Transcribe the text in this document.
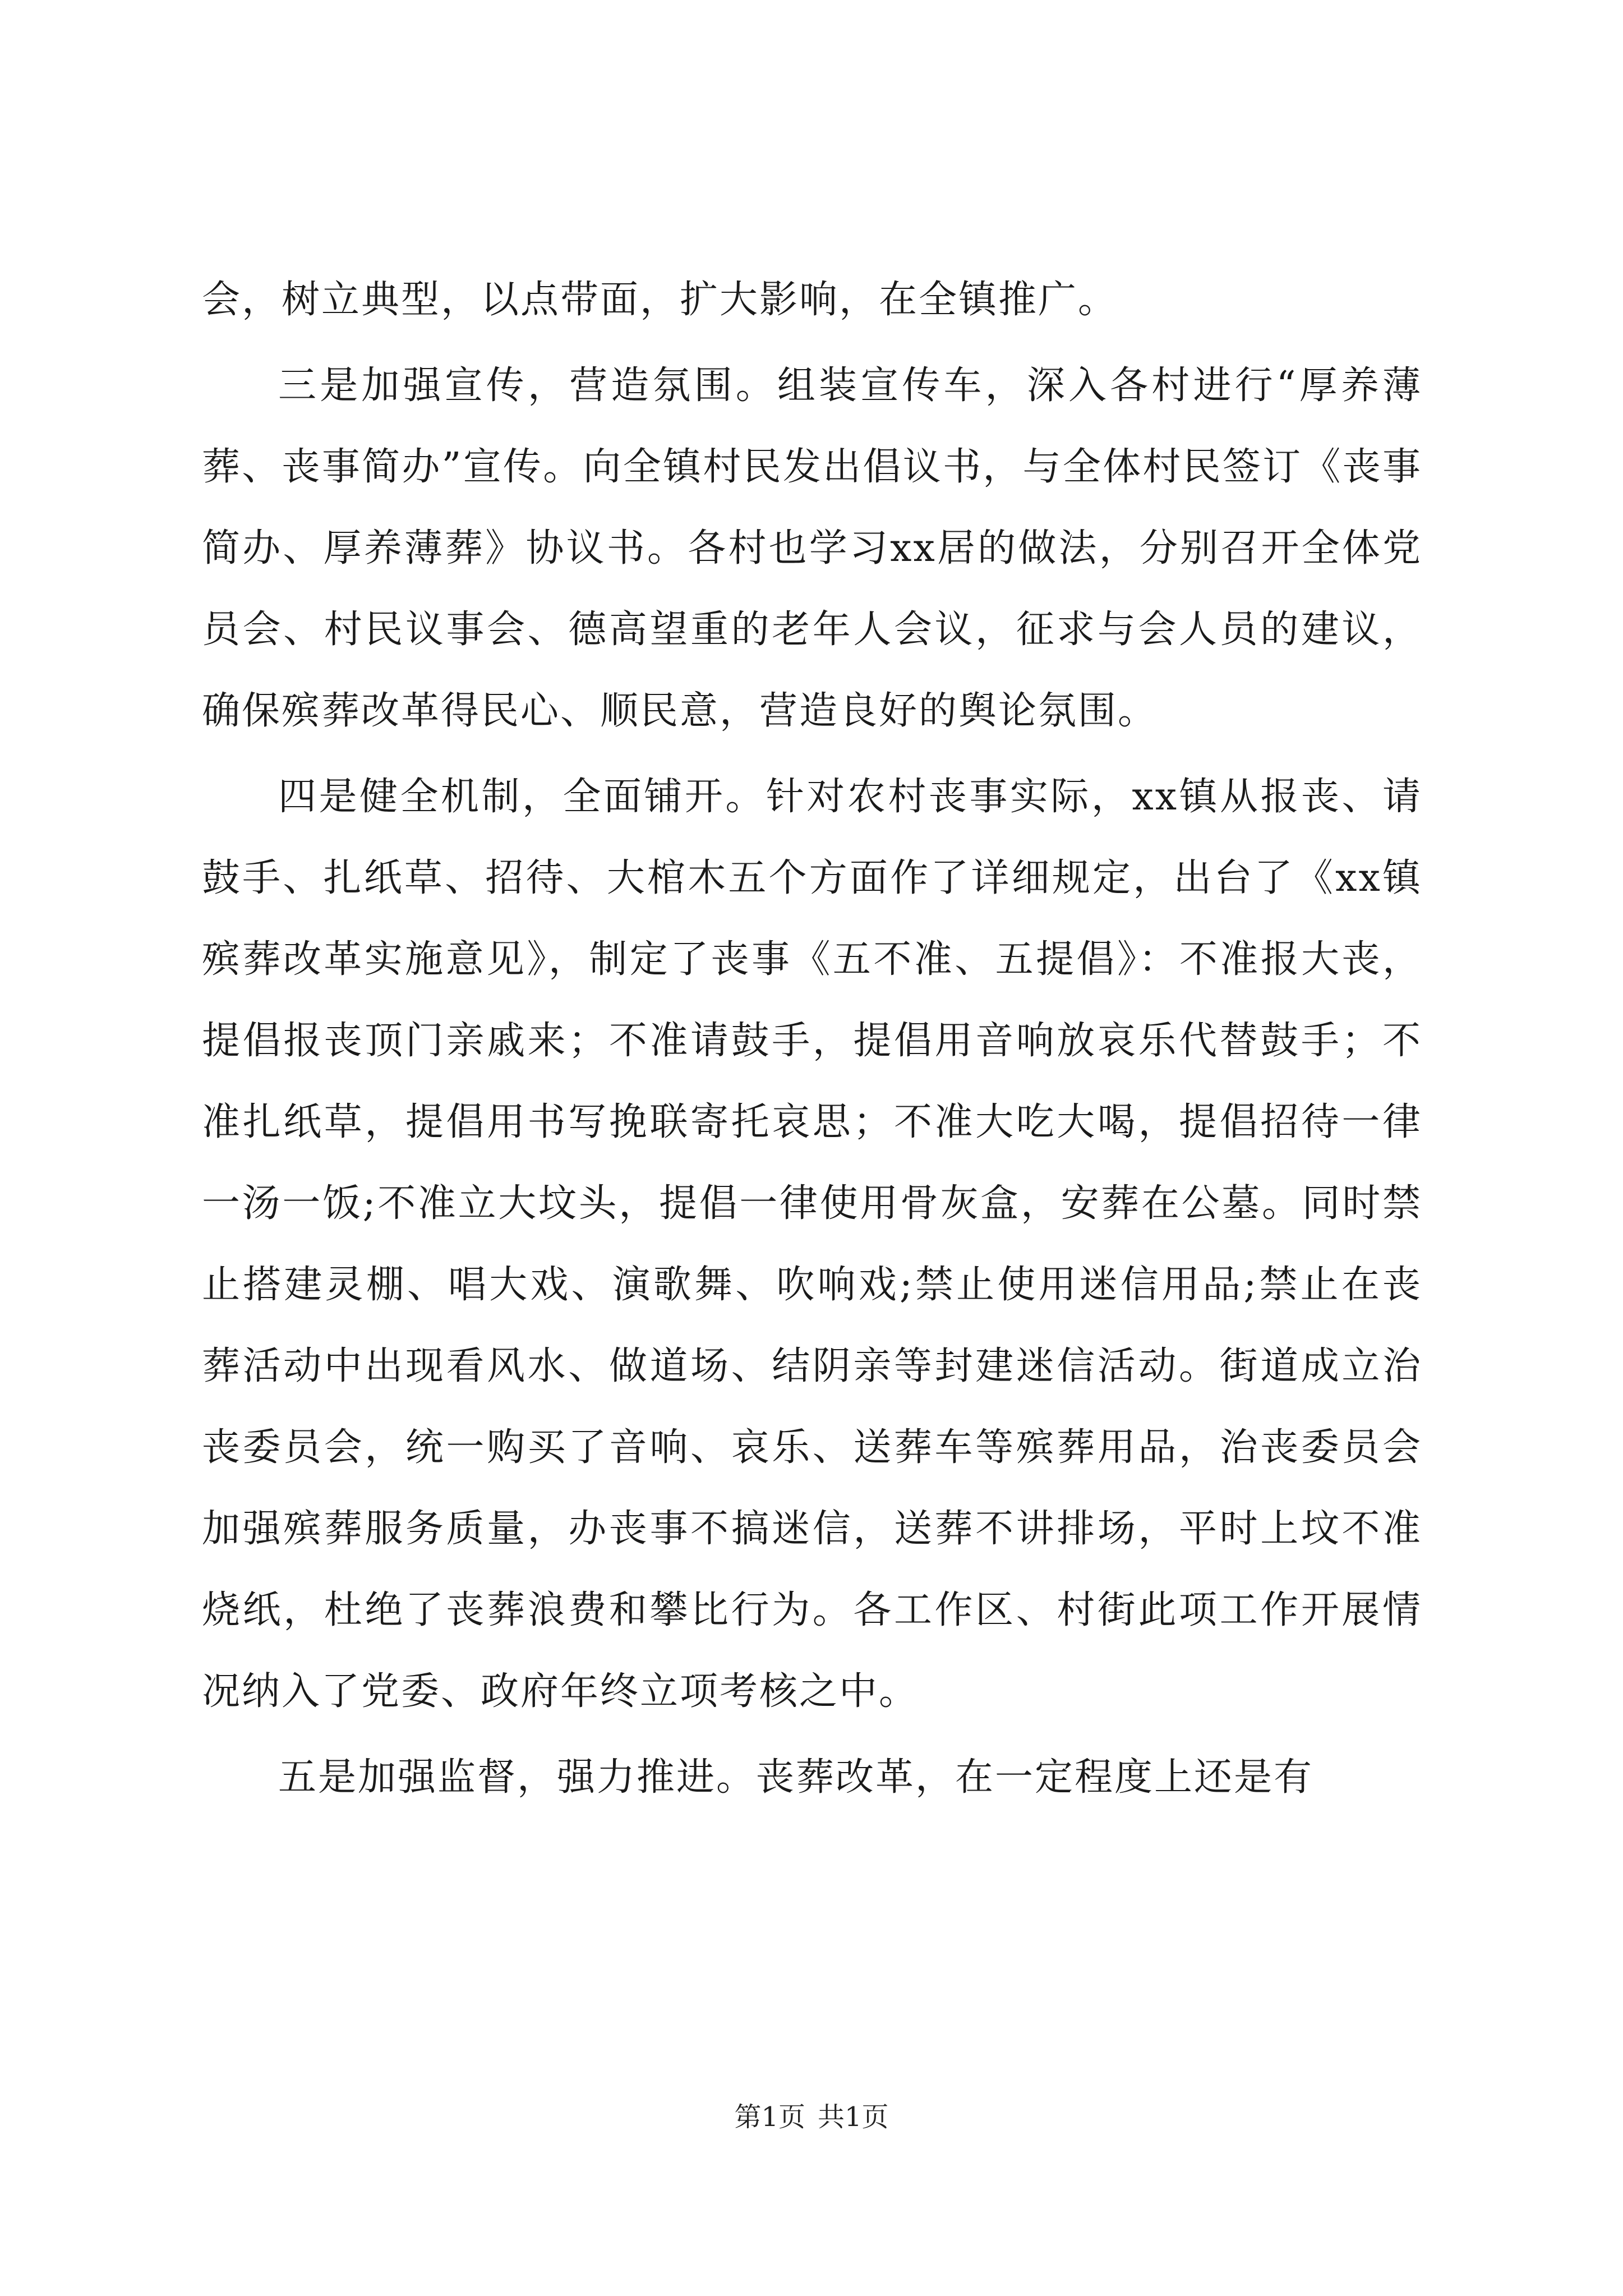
会，树立典型，以点带面，扩大影响，在全镇推广。

三是加强宣传，营造氛围。组装宣传车，深入各村进行“厚养薄葬、丧事简办”宣传。向全镇村民发出倡议书，与全体村民签订《丧事简办、厚养薄葬》协议书。各村也学习xx居的做法，分别召开全体党员会、村民议事会、德高望重的老年人会议，征求与会人员的建议，确保殡葬改革得民心、顺民意，营造良好的舆论氛围。

四是健全机制，全面铺开。针对农村丧事实际，xx镇从报丧、请鼓手、扎纸草、招待、大棺木五个方面作了详细规定，出台了《xx镇殡葬改革实施意见》，制定了丧事《五不准、五提倡》：不准报大丧，提倡报丧顶门亲戚来；不准请鼓手，提倡用音响放哀乐代替鼓手；不准扎纸草，提倡用书写挽联寄托哀思；不准大吃大喝，提倡招待一律一汤一饭;不准立大坟头，提倡一律使用骨灰盒，安葬在公墓。同时禁止搭建灵棚、唱大戏、演歌舞、吹响戏;禁止使用迷信用品;禁止在丧葬活动中出现看风水、做道场、结阴亲等封建迷信活动。街道成立治丧委员会，统一购买了音响、哀乐、送葬车等殡葬用品，治丧委员会加强殡葬服务质量，办丧事不搞迷信，送葬不讲排场，平时上坟不准烧纸，杜绝了丧葬浪费和攀比行为。各工作区、村街此项工作开展情况纳入了党委、政府年终立项考核之中。

五是加强监督，强力推进。丧葬改革，在一定程度上还是有

第1页 共1页
